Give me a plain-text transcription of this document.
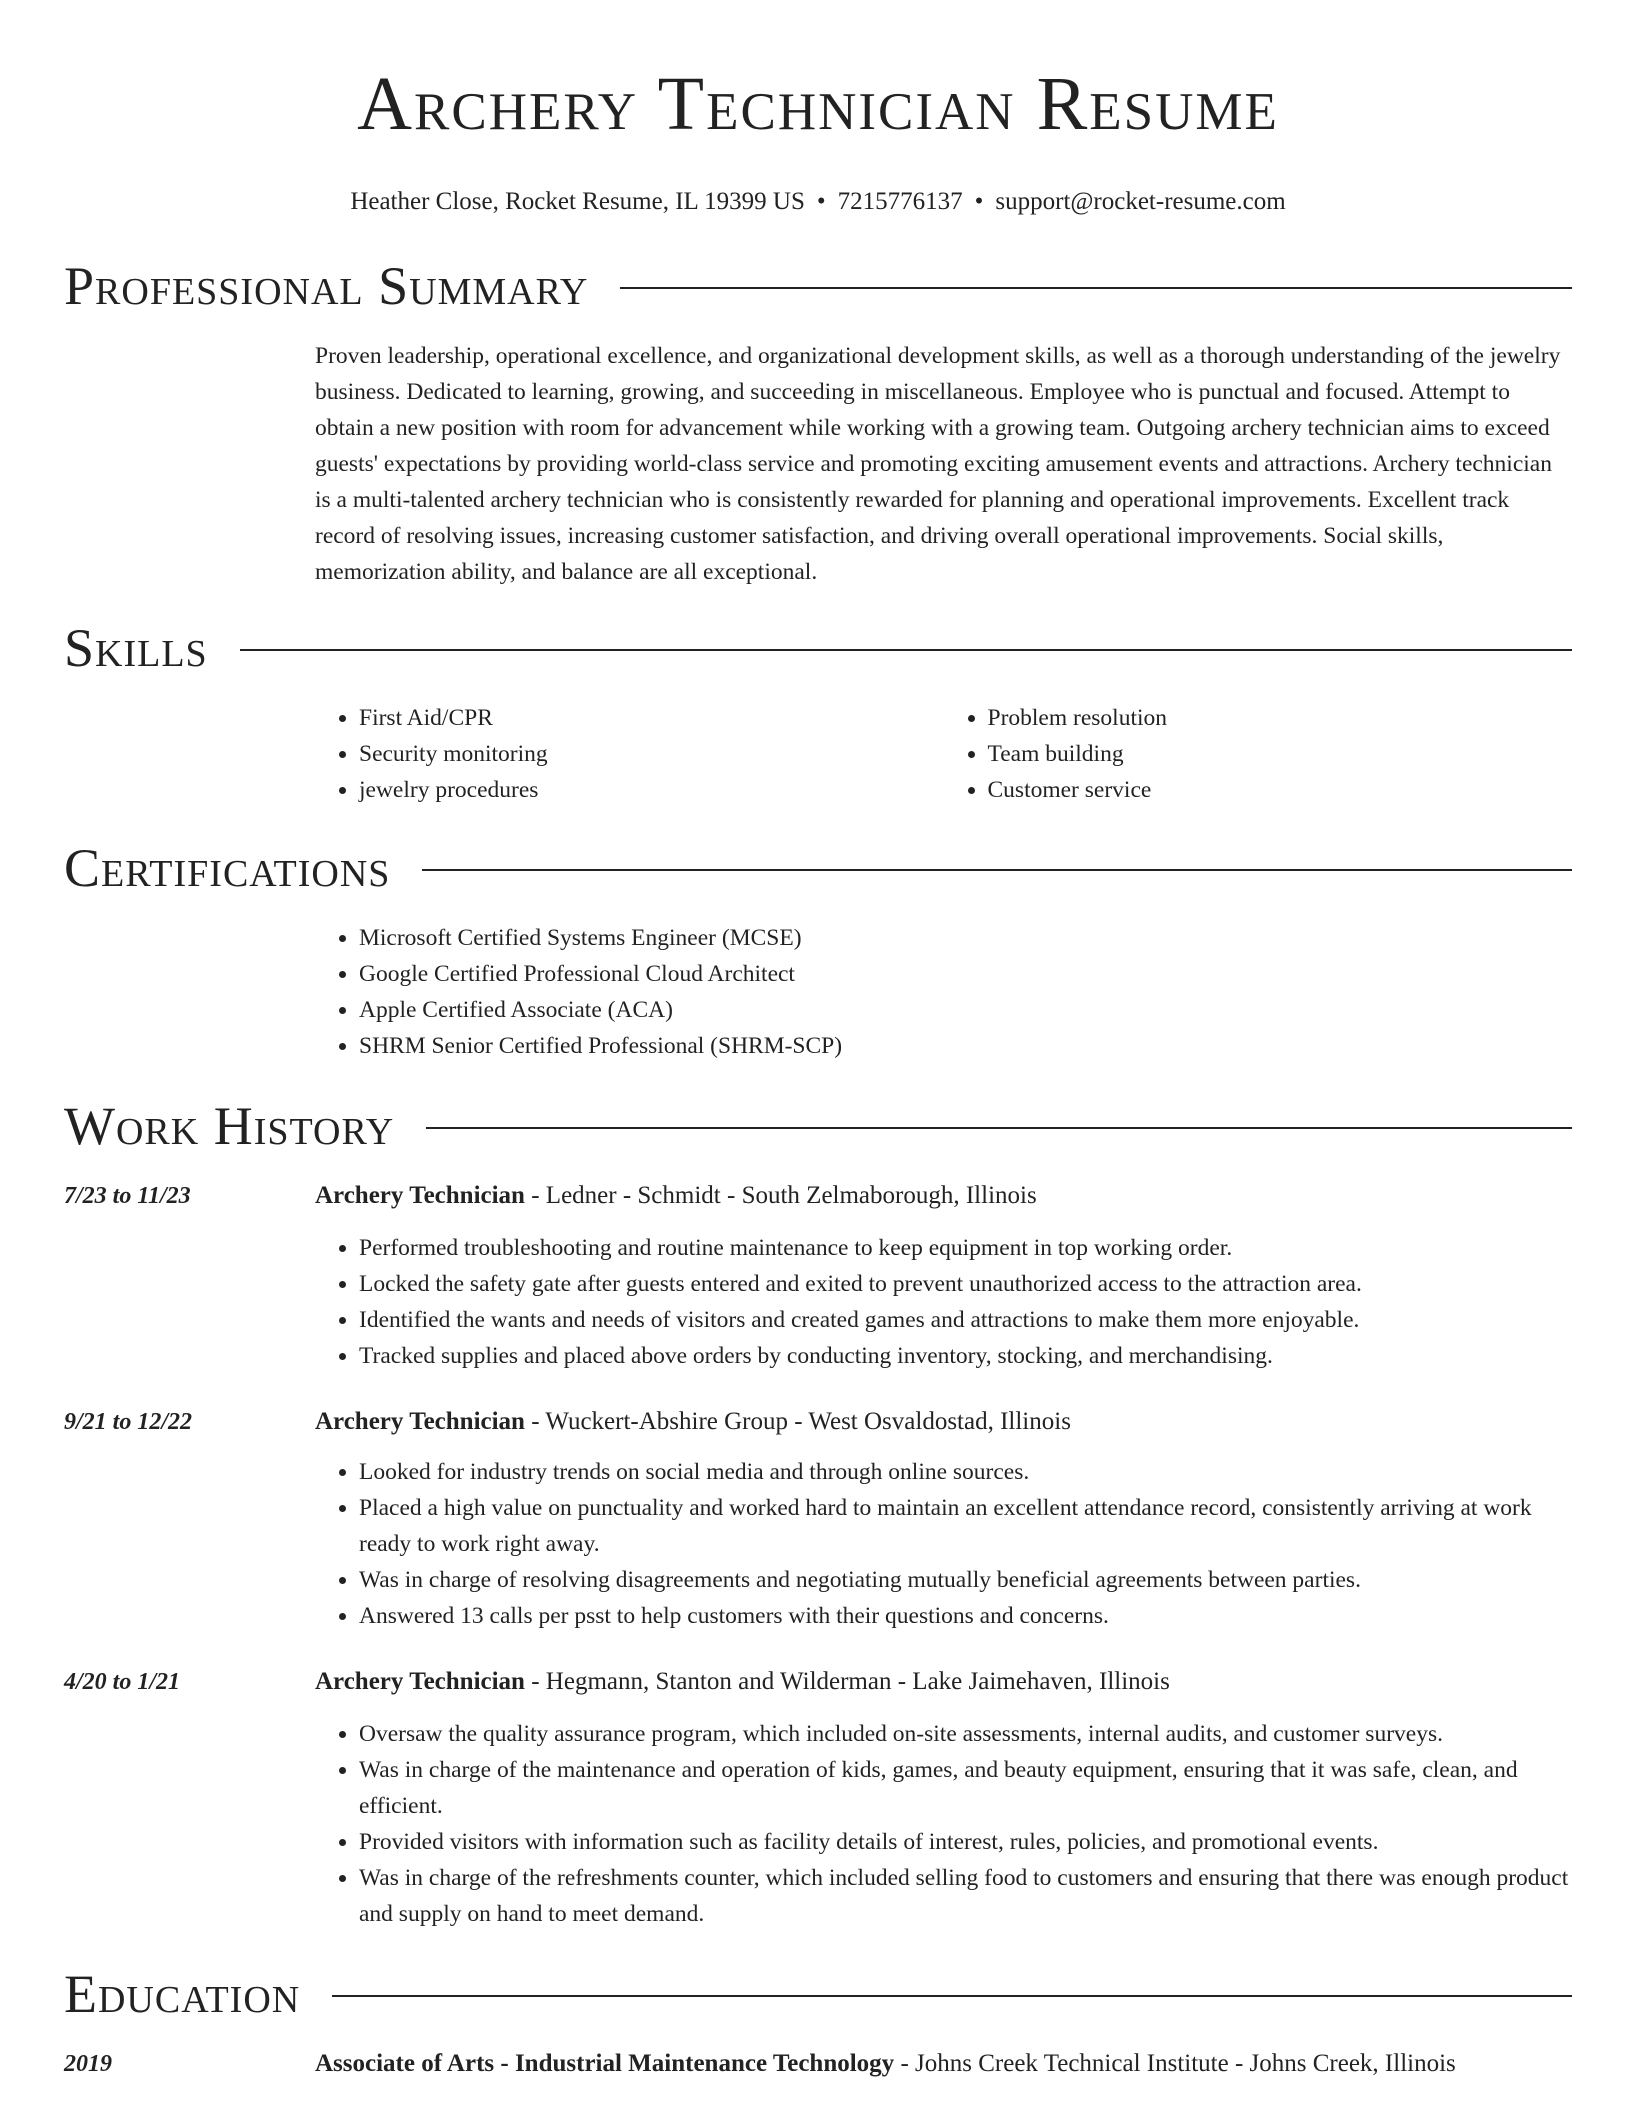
Archery Technician Resume
Heather Close, Rocket Resume, IL 19399 US • 7215776137 • support@rocket-resume.com
Professional Summary

Proven leadership, operational excellence, and organizational development skills, as well as a thorough understanding of the jewelry business. Dedicated to learning, growing, and succeeding in miscellaneous. Employee who is punctual and focused. Attempt to obtain a new position with room for advancement while working with a growing team. Outgoing archery technician aims to exceed guests' expectations by providing world-class service and promoting exciting amusement events and attractions. Archery technician is a multi-talented archery technician who is consistently rewarded for planning and operational improvements. Excellent track record of resolving issues, increasing customer satisfaction, and driving overall operational improvements. Social skills, memorization ability, and balance are all exceptional.

Skills
• First Aid/CPR
• Security monitoring
• jewelry procedures
• Problem resolution
• Team building
• Customer service
Certifications
• Microsoft Certified Systems Engineer (MCSE)
• Google Certified Professional Cloud Architect
• Apple Certified Associate (ACA)
• SHRM Senior Certified Professional (SHRM-SCP)
Work History
7/23 to 11/23	Archery Technician - Ledner - Schmidt - South Zelmaborough, Illinois
• Performed troubleshooting and routine maintenance to keep equipment in top working order.
• Locked the safety gate after guests entered and exited to prevent unauthorized access to the attraction area.
• Identified the wants and needs of visitors and created games and attractions to make them more enjoyable.
• Tracked supplies and placed above orders by conducting inventory, stocking, and merchandising.
9/21 to 12/22	Archery Technician - Wuckert-Abshire Group - West Osvaldostad, Illinois
• Looked for industry trends on social media and through online sources.
• Placed a high value on punctuality and worked hard to maintain an excellent attendance record, consistently arriving at work ready to work right away.
• Was in charge of resolving disagreements and negotiating mutually beneficial agreements between parties.
• Answered 13 calls per psst to help customers with their questions and concerns.
4/20 to 1/21	Archery Technician - Hegmann, Stanton and Wilderman - Lake Jaimehaven, Illinois
• Oversaw the quality assurance program, which included on-site assessments, internal audits, and customer surveys.
• Was in charge of the maintenance and operation of kids, games, and beauty equipment, ensuring that it was safe, clean, and efficient.
• Provided visitors with information such as facility details of interest, rules, policies, and promotional events.
• Was in charge of the refreshments counter, which included selling food to customers and ensuring that there was enough product and supply on hand to meet demand.
Education
2019	Associate of Arts - Industrial Maintenance Technology - Johns Creek Technical Institute - Johns Creek, Illinois
